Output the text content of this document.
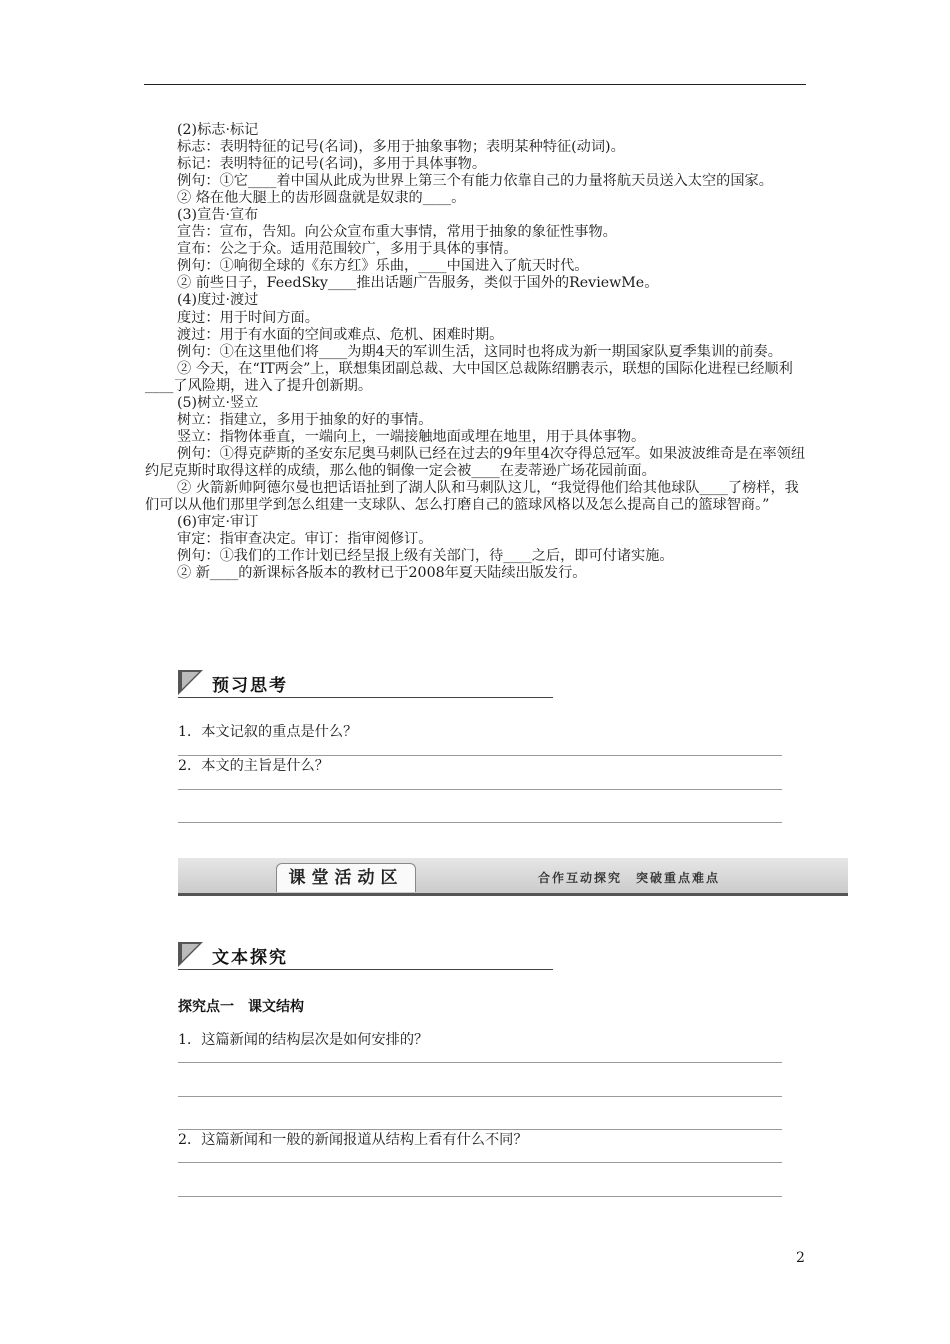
(2)标志·标记

标志：表明特征的记号(名词)，多用于抽象事物；表明某种特征(动词)。

标记：表明特征的记号(名词)，多用于具体事物。

例句：①它____着中国从此成为世界上第三个有能力依靠自己的力量将航天员送入太空的国家。

② 烙在他大腿上的齿形圆盘就是奴隶的____。

(3)宣告·宣布

宣告：宣布，告知。向公众宣布重大事情，常用于抽象的象征性事物。

宣布：公之于众。适用范围较广，多用于具体的事情。

例句：①响彻全球的《东方红》乐曲，____中国进入了航天时代。

② 前些日子，FeedSky____推出话题广告服务，类似于国外的ReviewMe。

(4)度过·渡过

度过：用于时间方面。

渡过：用于有水面的空间或难点、危机、困难时期。

例句：①在这里他们将____为期4天的军训生活，这同时也将成为新一期国家队夏季集训的前奏。

② 今天，在“IT两会”上，联想集团副总裁、大中国区总裁陈绍鹏表示，联想的国际化进程已经顺利____了风险期，进入了提升创新期。

(5)树立·竖立

树立：指建立，多用于抽象的好的事情。

竖立：指物体垂直，一端向上，一端接触地面或埋在地里，用于具体事物。

例句：①得克萨斯的圣安东尼奥马刺队已经在过去的9年里4次夺得总冠军。如果波波维奇是在率领纽约尼克斯时取得这样的成绩，那么他的铜像一定会被____在麦蒂逊广场花园前面。

② 火箭新帅阿德尔曼也把话语扯到了湖人队和马刺队这儿，“我觉得他们给其他球队____了榜样，我们可以从他们那里学到怎么组建一支球队、怎么打磨自己的篮球风格以及怎么提高自己的篮球智商。”

(6)审定·审订

审定：指审查决定。审订：指审阅修订。

例句：①我们的工作计划已经呈报上级有关部门，待____之后，即可付诸实施。

② 新____的新课标各版本的教材已于2008年夏天陆续出版发行。

预习思考
1．本文记叙的重点是什么？
2．本文的主旨是什么？
课堂活动区	合作互动探究　突破重点难点
文本探究
探究点一　课文结构
1．这篇新闻的结构层次是如何安排的？
2．这篇新闻和一般的新闻报道从结构上看有什么不同？
2
